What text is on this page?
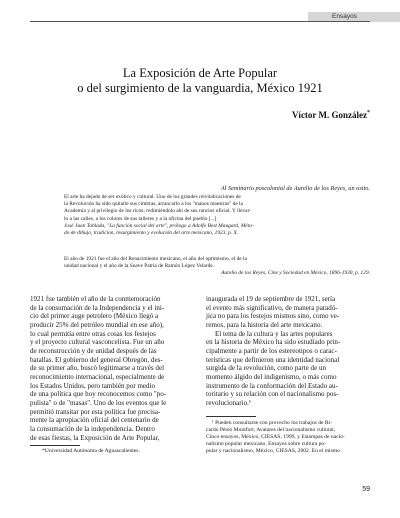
Ensayos
La Exposición de Arte Popular
o del surgimiento de la vanguardia, México 1921
Víctor M. González*
Al Seminario poscolonial de Aurelio de los Reyes, un osito.
El arte ha dejado de ser exótico y cultural. Uno de los grandes reivindicaciones de
la Revolución ha sido quitarle sus cimbras, arrancarlo a los "manos maestras" de la
Academia y al privilegio de los ricos; redimiéndolo ahí de sus rancios oficial. Y llevar-
lo a las calles, a los colores de sus talleres y a la oficina del pueblo [...]
José Juan Tablada, "La función social del arte", prólogo a Adolfo Best Maugard, Méto-
do de dibujo, tradición, resurgimiento y evolución del arte mexicano, 1923, p. X.
El año de 1921 fue el año del Renacimiento mexicano, el año del optimismo, el de la
unidad nacional y el año de la Suave Patria de Ramón López Velarde.
Aurelio de los Reyes, Cine y Sociedad en México, 1896-1930, p. 129.

1921 fue también el año de la conmemoración

de la consumación de la Independencia y el ini-

cio del primer auge petrolero (México llegó a

producir 25% del petróleo mundial en ese año),

lo cual permitía entre otras cosas los festejos

y el proyecto cultural vasconcelista. Fue un año

de reconstrucción y de unidad después de las

batallas. El gobierno del general Obregón, des-

de su primer año, buscó legitimarse a través del

reconocimiento internacional, especialmente de

los Estados Unidos, pero también por medio

de una política que hoy reconocemos como "po-

pulista" o de "masas". Uno de los eventos que le

permitió transitar por esta política fue precisa-

mente la apropiación oficial del centenario de

la consumación de la independencia. Dentro

de esas fiestas, la Exposición de Arte Popular,

*Universidad Autónoma de Aguascalientes.

inaugurada el 19 de septiembre de 1921, sería

el evento más significativo, de manera paradó-

jica no para los festejos mismos sino, como ve-

remos, para la historia del arte mexicano.

El tema de la cultura y las artes populares

en la historia de México ha sido estudiado prin-

cipalmente a partir de los estereotipos o carac-

terísticas que definieron una identidad nacional

surgida de la revolución, como parte de un

momento álgido del indigenismo, o más como

instrumento de la conformación del Estado au-

toritario y su relación con el nacionalismo pos-

revolucionario.¹

¹ Pueden consultarse con provecho los trabajos de Ri-
cardo Pérez Montfort, Avatares del nacionalismo cultural,
Cinco ensayos, México, CIESAS, 1999, y Estampas de nacio-
nalismo popular mexicano, Ensayos sobre cultura po-
pular y nacionalismo, México, CIESAS, 2002. En el mismo
59
